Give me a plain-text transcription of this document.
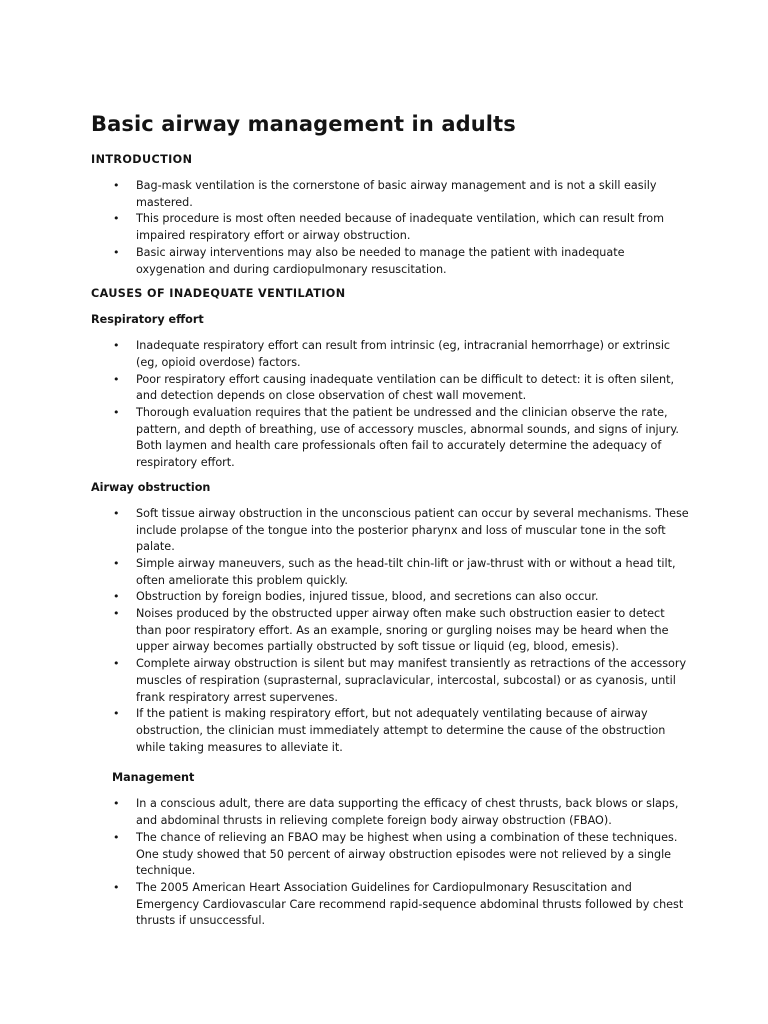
Basic airway management in adults
INTRODUCTION
•	Bag-mask ventilation is the cornerstone of basic airway management and is not a skill easily mastered.
•	This procedure is most often needed because of inadequate ventilation, which can result from impaired respiratory effort or airway obstruction.
•	Basic airway interventions may also be needed to manage the patient with inadequate oxygenation and during cardiopulmonary resuscitation.
CAUSES OF INADEQUATE VENTILATION
Respiratory effort
•	Inadequate respiratory effort can result from intrinsic (eg, intracranial hemorrhage) or extrinsic (eg, opioid overdose) factors.
•	Poor respiratory effort causing inadequate ventilation can be difficult to detect: it is often silent, and detection depends on close observation of chest wall movement.
•	Thorough evaluation requires that the patient be undressed and the clinician observe the rate, pattern, and depth of breathing, use of accessory muscles, abnormal sounds, and signs of injury. Both laymen and health care professionals often fail to accurately determine the adequacy of respiratory effort.
Airway obstruction
•	Soft tissue airway obstruction in the unconscious patient can occur by several mechanisms. These include prolapse of the tongue into the posterior pharynx and loss of muscular tone in the soft palate.
•	Simple airway maneuvers, such as the head-tilt chin-lift or jaw-thrust with or without a head tilt, often ameliorate this problem quickly.
•	Obstruction by foreign bodies, injured tissue, blood, and secretions can also occur.
•	Noises produced by the obstructed upper airway often make such obstruction easier to detect than poor respiratory effort. As an example, snoring or gurgling noises may be heard when the upper airway becomes partially obstructed by soft tissue or liquid (eg, blood, emesis).
•	Complete airway obstruction is silent but may manifest transiently as retractions of the accessory muscles of respiration (suprasternal, supraclavicular, intercostal, subcostal) or as cyanosis, until frank respiratory arrest supervenes.
•	If the patient is making respiratory effort, but not adequately ventilating because of airway obstruction, the clinician must immediately attempt to determine the cause of the obstruction while taking measures to alleviate it.
Management
•	In a conscious adult, there are data supporting the efficacy of chest thrusts, back blows or slaps, and abdominal thrusts in relieving complete foreign body airway obstruction (FBAO).
•	The chance of relieving an FBAO may be highest when using a combination of these techniques. One study showed that 50 percent of airway obstruction episodes were not relieved by a single technique.
•	The 2005 American Heart Association Guidelines for Cardiopulmonary Resuscitation and Emergency Cardiovascular Care recommend rapid-sequence abdominal thrusts followed by chest thrusts if unsuccessful.
